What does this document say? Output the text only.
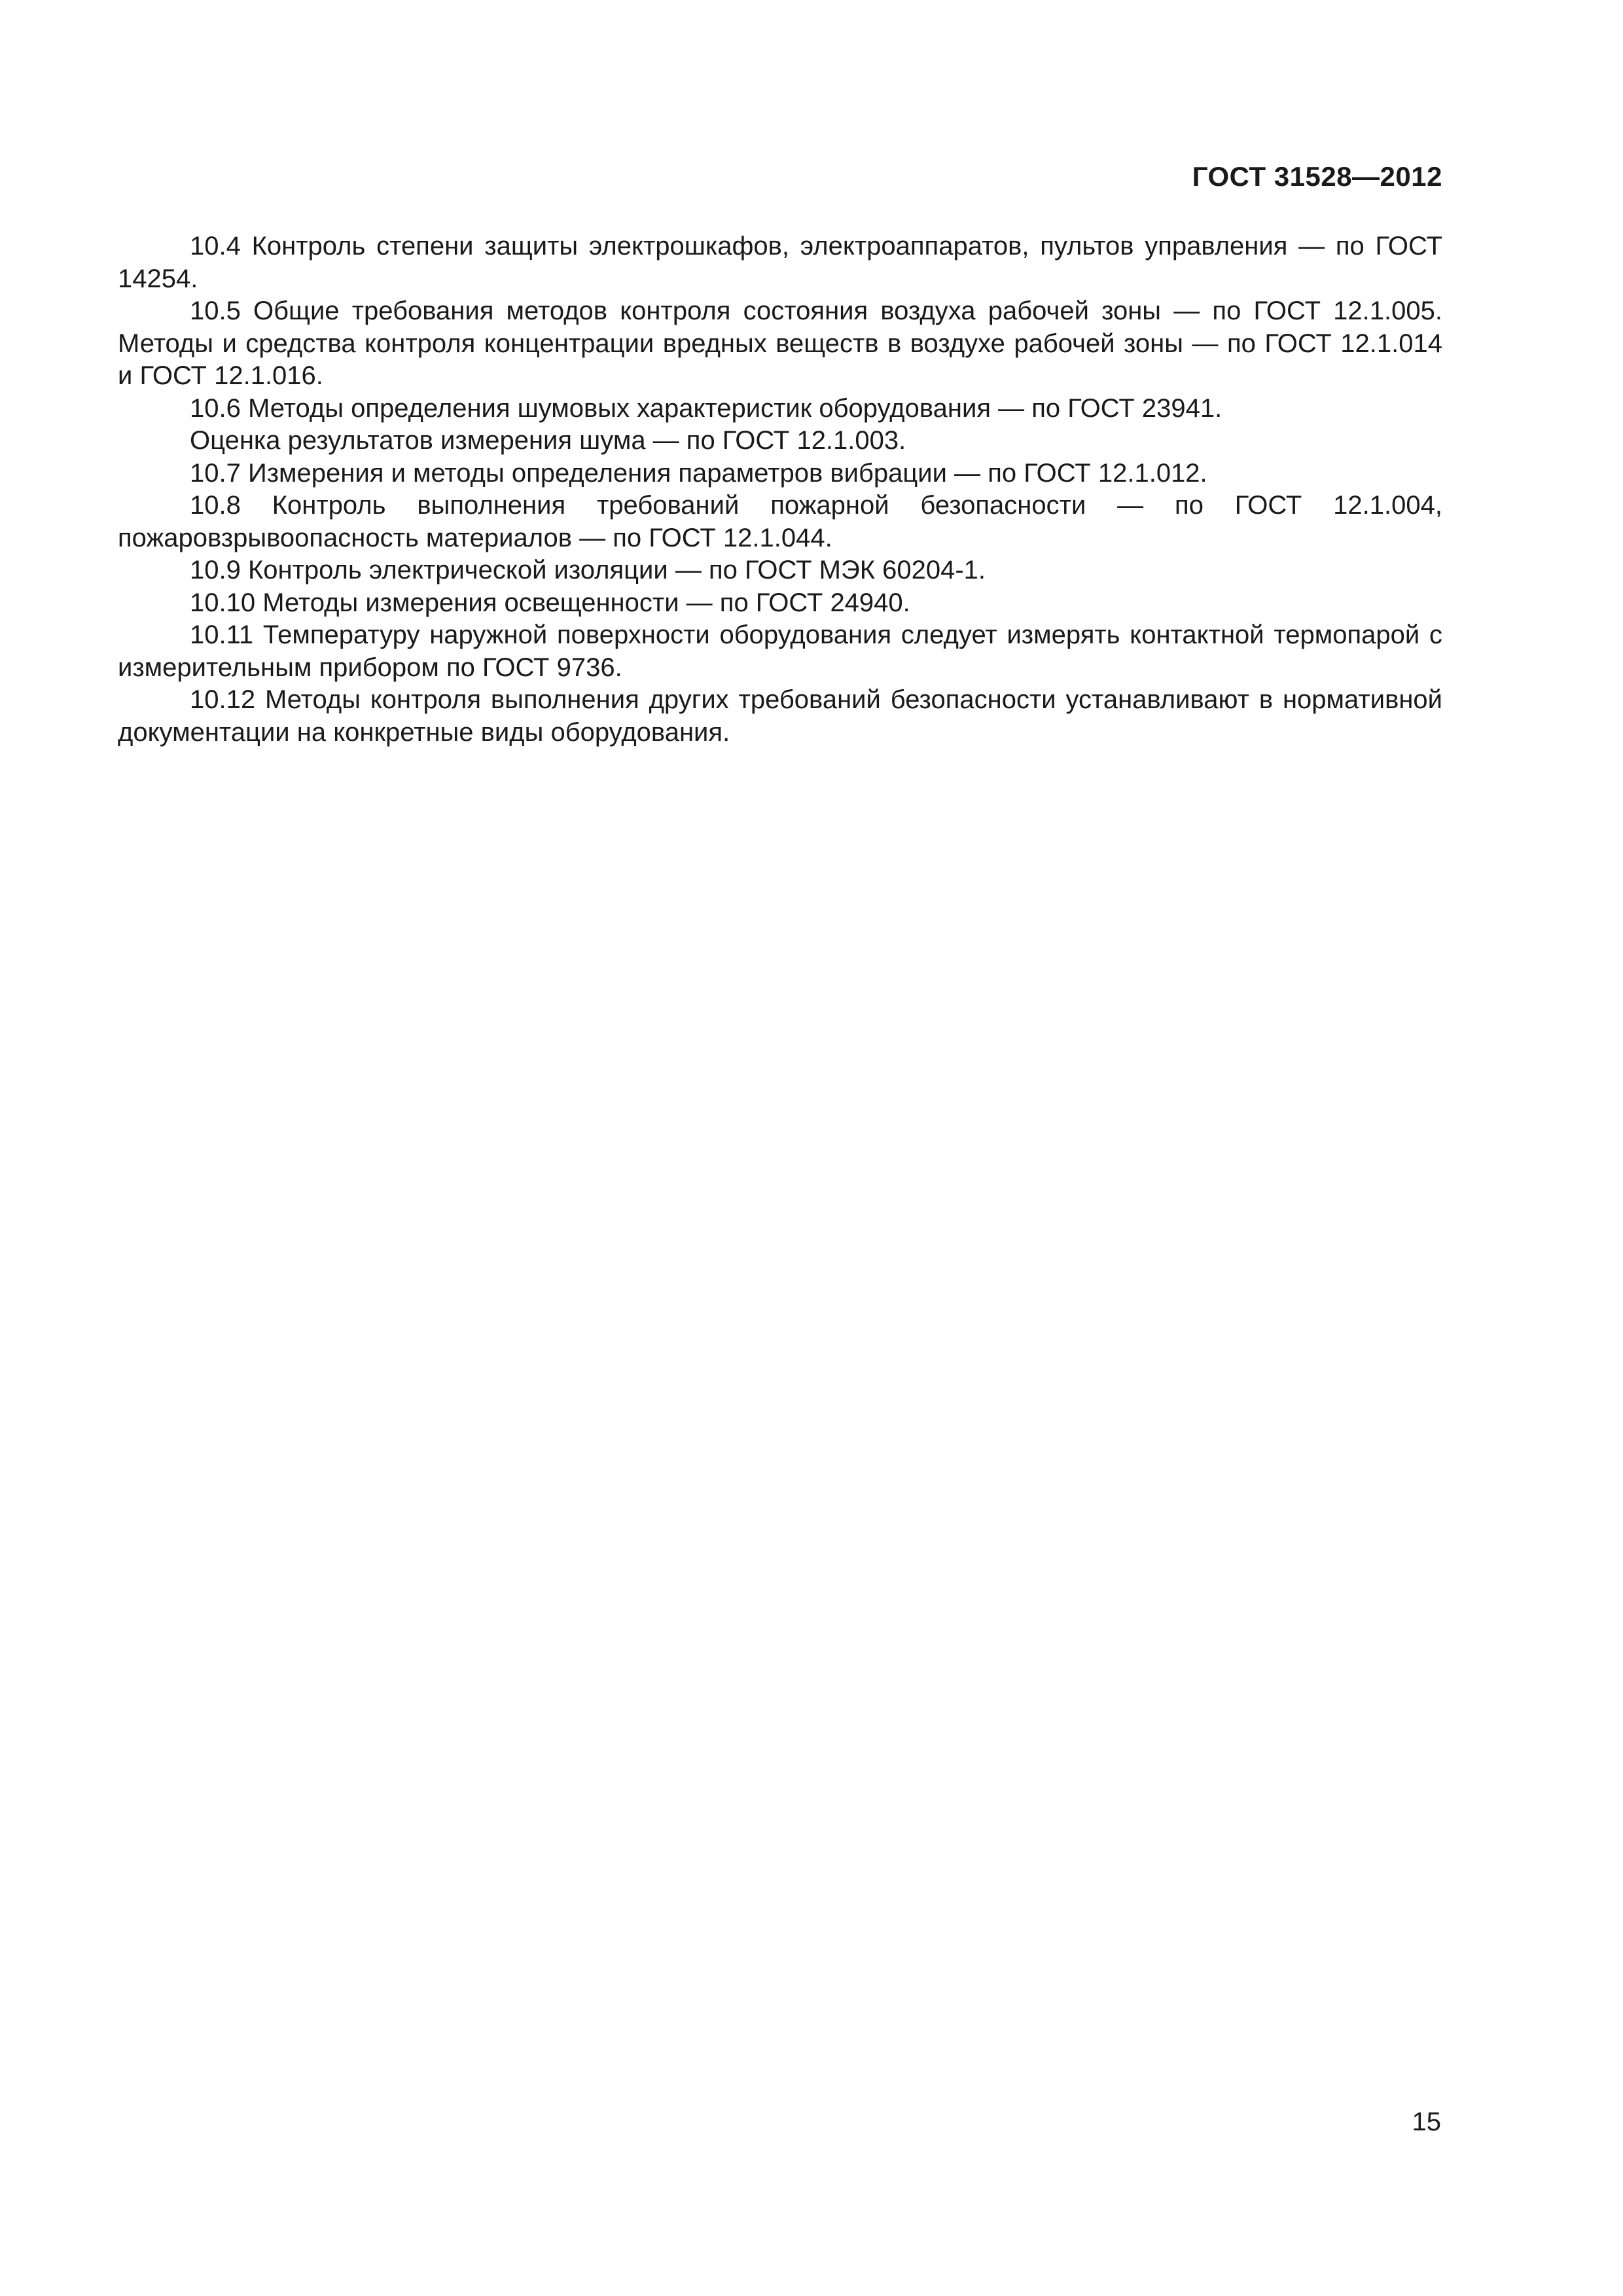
ГОСТ 31528—2012

10.4 Контроль степени защиты электрошкафов, электроаппаратов, пультов управления — по ГОСТ 14254.

10.5 Общие требования методов контроля состояния воздуха рабочей зоны — по ГОСТ 12.1.005. Методы и средства контроля концентрации вредных веществ в воздухе рабочей зоны — по ГОСТ 12.1.014 и ГОСТ 12.1.016.

10.6 Методы определения шумовых характеристик оборудования — по ГОСТ 23941.

Оценка результатов измерения шума — по ГОСТ 12.1.003.

10.7 Измерения и методы определения параметров вибрации — по ГОСТ 12.1.012.

10.8 Контроль выполнения требований пожарной безопасности — по ГОСТ 12.1.004, пожаровзрывоопасность материалов — по ГОСТ 12.1.044.

10.9 Контроль электрической изоляции — по ГОСТ МЭК 60204-1.

10.10 Методы измерения освещенности — по ГОСТ 24940.

10.11 Температуру наружной поверхности оборудования следует измерять контактной термопарой с измерительным прибором по ГОСТ 9736.

10.12 Методы контроля выполнения других требований безопасности устанавливают в нормативной документации на конкретные виды оборудования.

15
